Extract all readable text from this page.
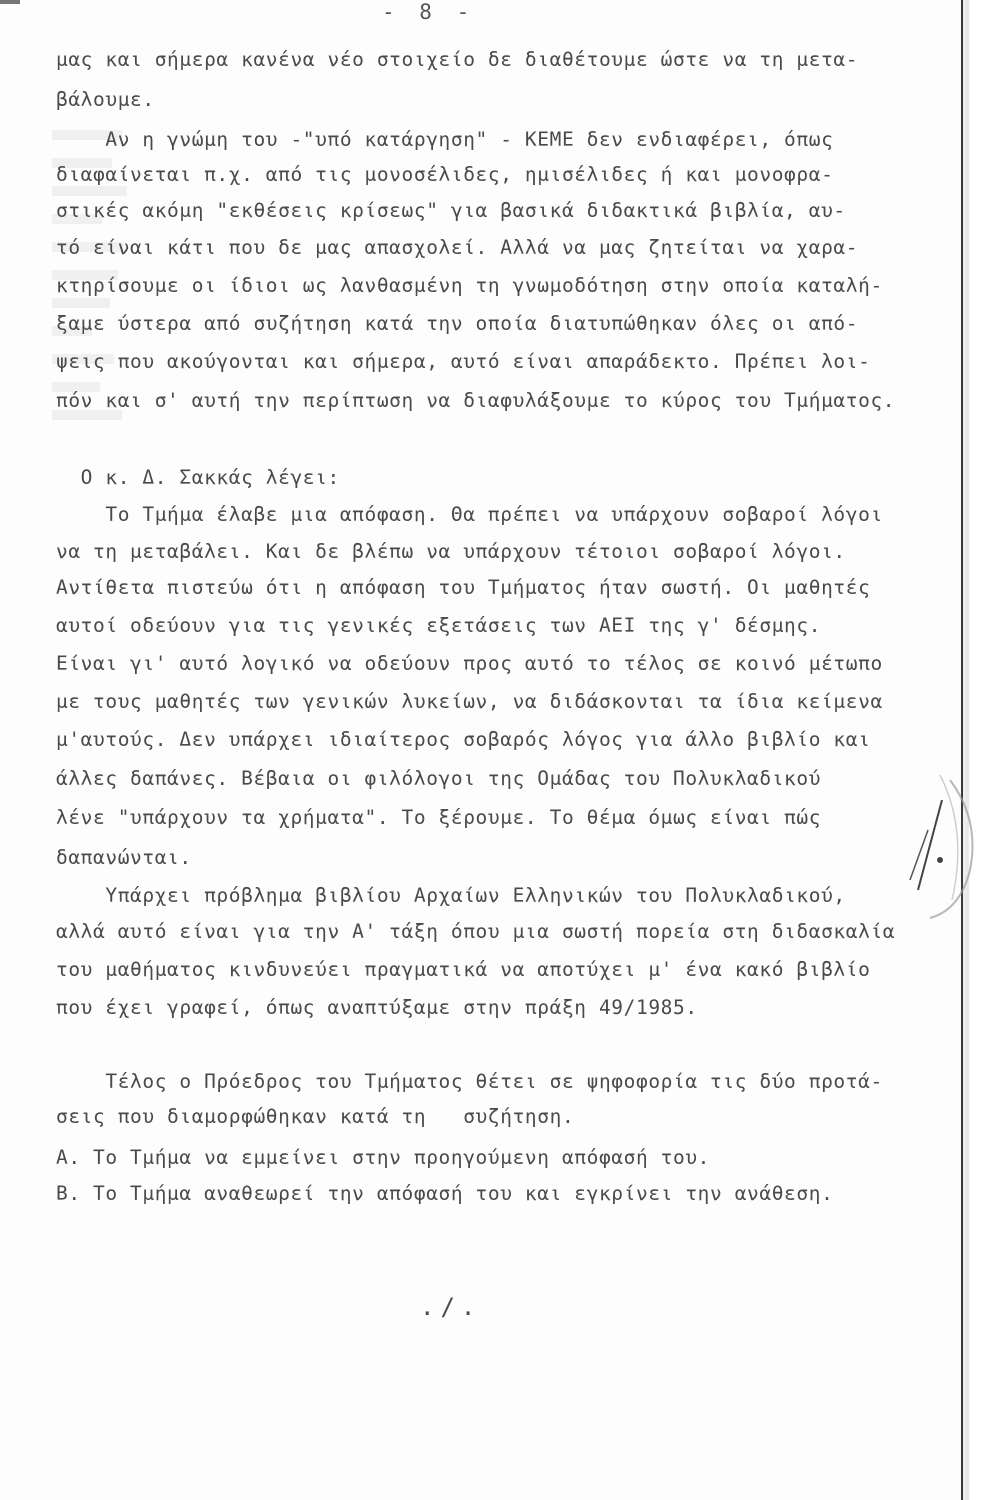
- 8 -
μας και σήμερα κανένα νέο στοιχείο δε διαθέτουμε ώστε να τη μετα-
βάλουμε.
Αν η γνώμη του -"υπό κατάργηση" - ΚΕΜΕ δεν ενδιαφέρει, όπως
διαφαίνεται π.χ. από τις μονοσέλιδες, ημισέλιδες ή και μονοφρα-
στικές ακόμη "εκθέσεις κρίσεως" για βασικά διδακτικά βιβλία, αυ-
τό είναι κάτι που δε μας απασχολεί. Αλλά να μας ζητείται να χαρα-
κτηρίσουμε οι ίδιοι ως λανθασμένη τη γνωμοδότηση στην οποία καταλή-
ξαμε ύστερα από συζήτηση κατά την οποία διατυπώθηκαν όλες οι από-
ψεις που ακούγονται και σήμερα, αυτό είναι απαράδεκτο. Πρέπει λοι-
πόν και σ' αυτή την περίπτωση να διαφυλάξουμε το κύρος του Τμήματος.
Ο κ. Δ. Σακκάς λέγει:
Το Τμήμα έλαβε μια απόφαση. Θα πρέπει να υπάρχουν σοβαροί λόγοι
να τη μεταβάλει. Και δε βλέπω να υπάρχουν τέτοιοι σοβαροί λόγοι.
Αντίθετα πιστεύω ότι η απόφαση του Τμήματος ήταν σωστή. Οι μαθητές
αυτοί οδεύουν για τις γενικές εξετάσεις των ΑΕΙ της γ' δέσμης.
Είναι γι' αυτό λογικό να οδεύουν προς αυτό το τέλος σε κοινό μέτωπο
με τους μαθητές των γενικών λυκείων, να διδάσκονται τα ίδια κείμενα
μ'αυτούς. Δεν υπάρχει ιδιαίτερος σοβαρός λόγος για άλλο βιβλίο και
άλλες δαπάνες. Βέβαια οι φιλόλογοι της Ομάδας του Πολυκλαδικού
λένε "υπάρχουν τα χρήματα". Το ξέρουμε. Το θέμα όμως είναι πώς
δαπανώνται.
Υπάρχει πρόβλημα βιβλίου Αρχαίων Ελληνικών του Πολυκλαδικού,
αλλά αυτό είναι για την Α' τάξη όπου μια σωστή πορεία στη διδασκαλία
του μαθήματος κινδυνεύει πραγματικά να αποτύχει μ' ένα κακό βιβλίο
που έχει γραφεί, όπως αναπτύξαμε στην πράξη 49/1985.
Τέλος ο Πρόεδρος του Τμήματος θέτει σε ψηφοφορία τις δύο προτά-
σεις που διαμορφώθηκαν κατά τη   συζήτηση.
Α. Το Τμήμα να εμμείνει στην προηγούμενη απόφασή του.
Β. Το Τμήμα αναθεωρεί την απόφασή του και εγκρίνει την ανάθεση.
./.
